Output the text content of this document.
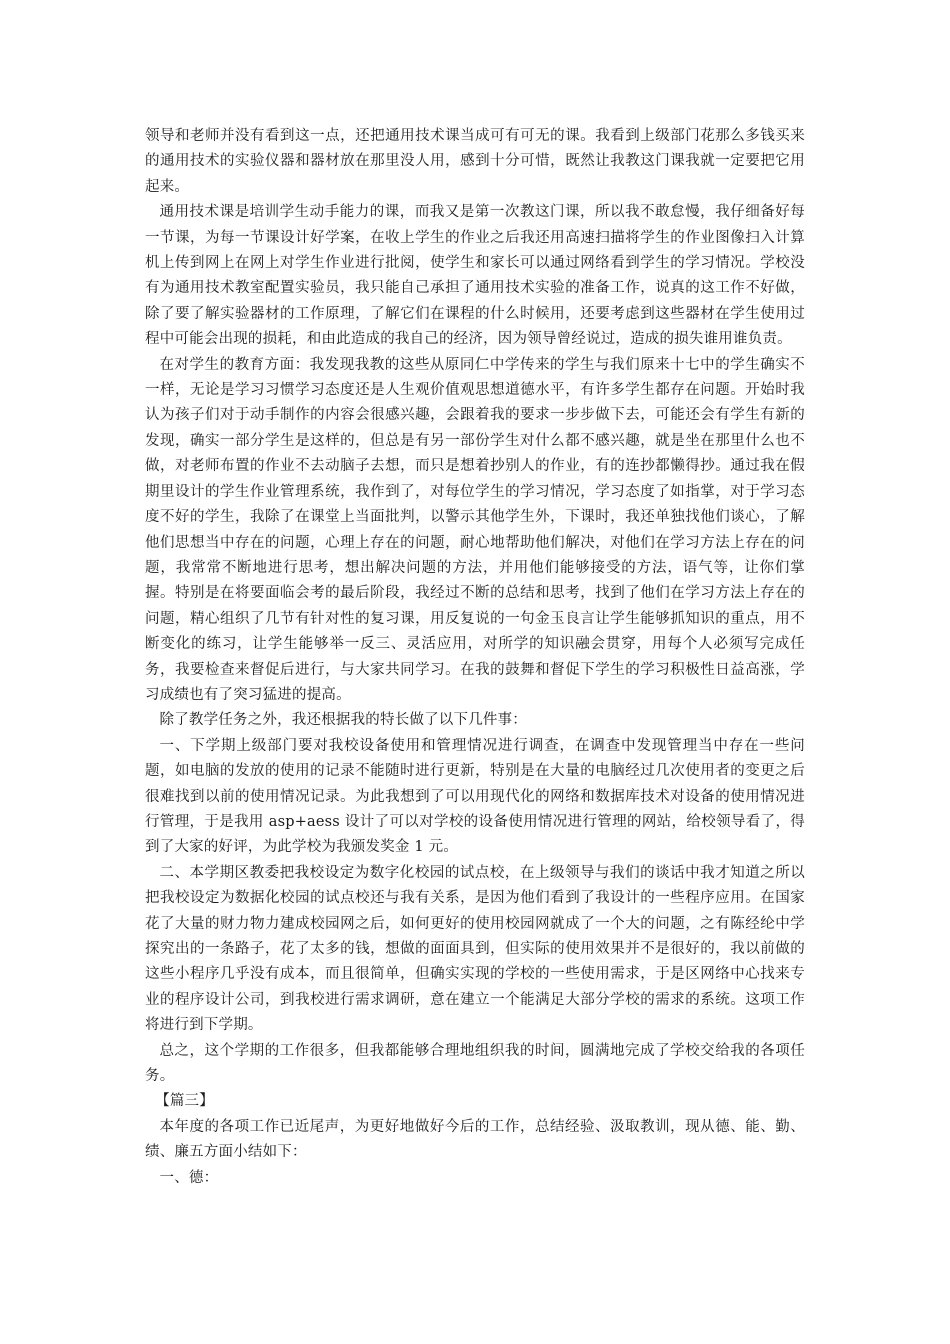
领导和老师并没有看到这一点，还把通用技术课当成可有可无的课。我看到上级部门花那么多钱买来的通用技术的实验仪器和器材放在那里没人用，感到十分可惜，既然让我教这门课我就一定要把它用起来。

通用技术课是培训学生动手能力的课，而我又是第一次教这门课，所以我不敢怠慢，我仔细备好每一节课，为每一节课设计好学案，在收上学生的作业之后我还用高速扫描将学生的作业图像扫入计算机上传到网上在网上对学生作业进行批阅，使学生和家长可以通过网络看到学生的学习情况。学校没有为通用技术教室配置实验员，我只能自己承担了通用技术实验的准备工作，说真的这工作不好做，除了要了解实验器材的工作原理，了解它们在课程的什么时候用，还要考虑到这些器材在学生使用过程中可能会出现的损耗，和由此造成的我自己的经济，因为领导曾经说过，造成的损失谁用谁负责。

在对学生的教育方面：我发现我教的这些从原同仁中学传来的学生与我们原来十七中的学生确实不一样，无论是学习习惯学习态度还是人生观价值观思想道德水平，有许多学生都存在问题。开始时我认为孩子们对于动手制作的内容会很感兴趣，会跟着我的要求一步步做下去，可能还会有学生有新的发现，确实一部分学生是这样的，但总是有另一部份学生对什么都不感兴趣，就是坐在那里什么也不做，对老师布置的作业不去动脑子去想，而只是想着抄别人的作业，有的连抄都懒得抄。通过我在假期里设计的学生作业管理系统，我作到了，对每位学生的学习情况，学习态度了如指掌，对于学习态度不好的学生，我除了在课堂上当面批判，以警示其他学生外，下课时，我还单独找他们谈心，了解他们思想当中存在的问题，心理上存在的问题，耐心地帮助他们解决，对他们在学习方法上存在的问题，我常常不断地进行思考，想出解决问题的方法，并用他们能够接受的方法，语气等，让你们掌握。特别是在将要面临会考的最后阶段，我经过不断的总结和思考，找到了他们在学习方法上存在的问题，精心组织了几节有针对性的复习课，用反复说的一句金玉良言让学生能够抓知识的重点，用不断变化的练习，让学生能够举一反三、灵活应用，对所学的知识融会贯穿，用每个人必须写完成任务，我要检查来督促后进行，与大家共同学习。在我的鼓舞和督促下学生的学习积极性日益高涨，学习成绩也有了突习猛进的提高。

除了教学任务之外，我还根据我的特长做了以下几件事：

一、下学期上级部门要对我校设备使用和管理情况进行调查，在调查中发现管理当中存在一些问题，如电脑的发放的使用的记录不能随时进行更新，特别是在大量的电脑经过几次使用者的变更之后很难找到以前的使用情况记录。为此我想到了可以用现代化的网络和数据库技术对设备的使用情况进行管理，于是我用 asp+aess 设计了可以对学校的设备使用情况进行管理的网站，给校领导看了，得到了大家的好评，为此学校为我颁发奖金 1 元。

二、本学期区教委把我校设定为数字化校园的试点校，在上级领导与我们的谈话中我才知道之所以把我校设定为数据化校园的试点校还与我有关系，是因为他们看到了我设计的一些程序应用。在国家花了大量的财力物力建成校园网之后，如何更好的使用校园网就成了一个大的问题，之有陈经纶中学探究出的一条路子，花了太多的钱，想做的面面具到，但实际的使用效果并不是很好的，我以前做的这些小程序几乎没有成本，而且很简单，但确实实现的学校的一些使用需求，于是区网络中心找来专业的程序设计公司，到我校进行需求调研，意在建立一个能满足大部分学校的需求的系统。这项工作将进行到下学期。

总之，这个学期的工作很多，但我都能够合理地组织我的时间，圆满地完成了学校交给我的各项任务。

【篇三】

本年度的各项工作已近尾声，为更好地做好今后的工作，总结经验、汲取教训，现从德、能、勤、绩、廉五方面小结如下：

一、德：
